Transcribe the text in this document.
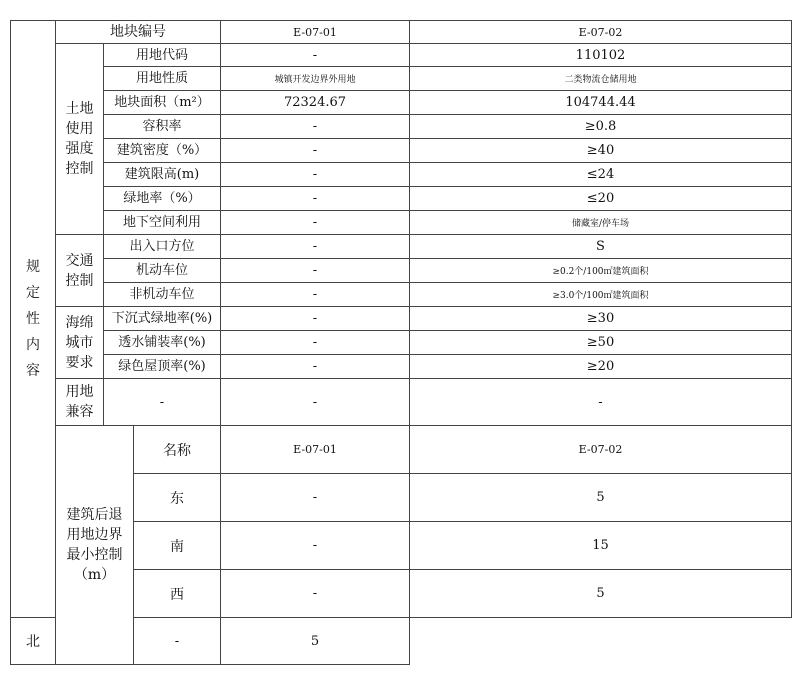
规
定
性
内
容	地块编号			E-07-01	E-07-02

	土地
使用
强度
控制	用地代码		-	110102
		用地性质		城镇开发边界外用地	二类物流仓储用地
		地块面积（m²）		72324.67	104744.44
		容积率		-	≥0.8
		建筑密度（%）		-	≥40
		建筑限高(m)		-	≤24
		绿地率（%）		-	≤20
		地下空间利用		-	储藏室/停车场

	交通
控制	出入口方位		-	S
		机动车位		-	≥0.2个/100㎡建筑面积
		非机动车位		-	≥3.0个/100㎡建筑面积

	海绵
城市
要求	下沉式绿地率(%)		-	≥30
		透水铺装率(%)		-	≥50
		绿色屋顶率(%)		-	≥20

	用地
兼容	-		-	-

	建筑后退
用地边界
最小控制
（m）		名称	E-07-01	E-07-02
			东	-	5
			南	-	15
			西	-	5
北			-	5	
